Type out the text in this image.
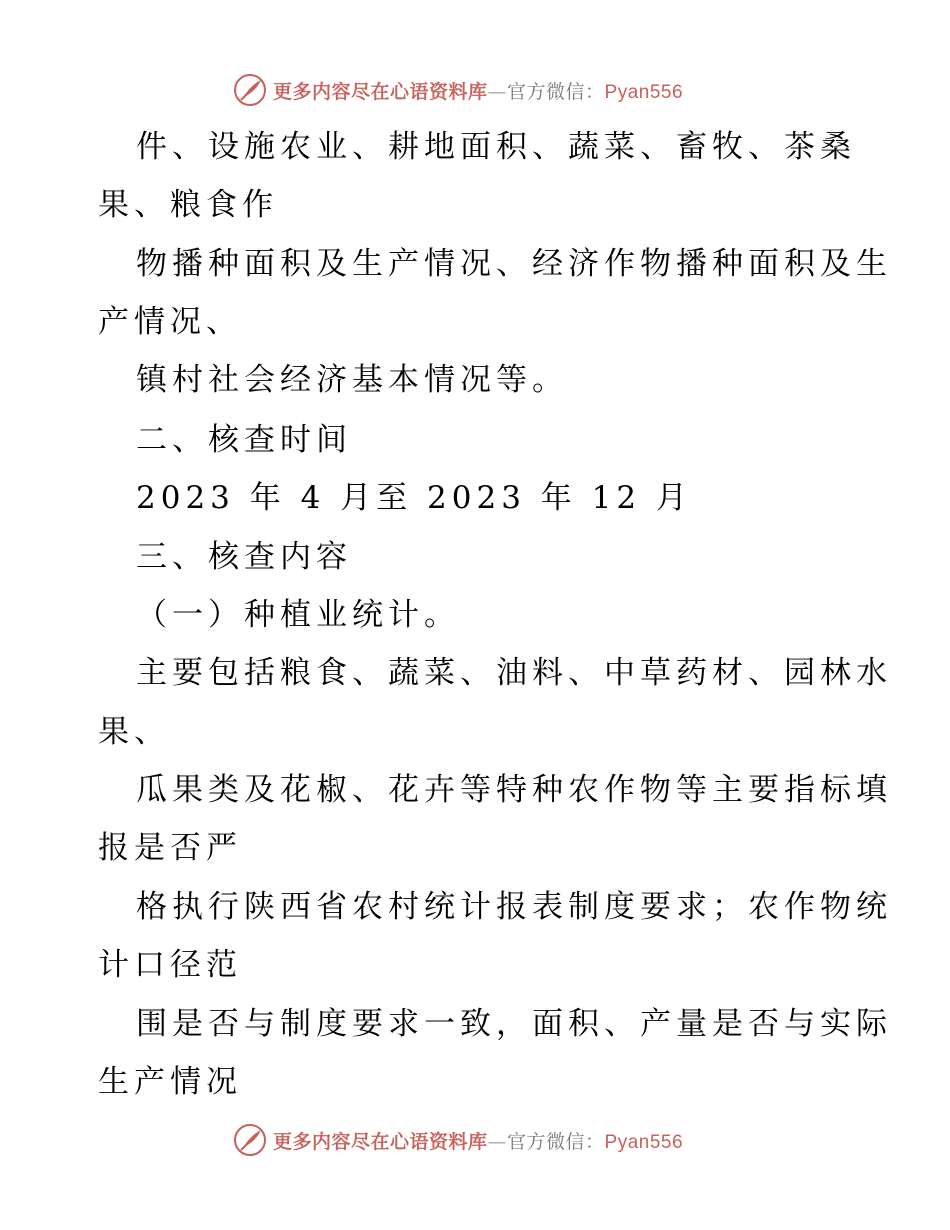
更多内容尽在心语资料库—官方微信：Pyan556
件、设施农业、耕地面积、蔬菜、畜牧、茶桑
果、粮食作
物播种面积及生产情况、经济作物播种面积及生
产情况、
镇村社会经济基本情况等。
二、核查时间
2023 年 4 月至 2023 年 12 月
三、核查内容
（一）种植业统计。
主要包括粮食、蔬菜、油料、中草药材、园林水
果、
瓜果类及花椒、花卉等特种农作物等主要指标填
报是否严
格执行陕西省农村统计报表制度要求；农作物统
计口径范
围是否与制度要求一致，面积、产量是否与实际
生产情况
更多内容尽在心语资料库—官方微信：Pyan556
